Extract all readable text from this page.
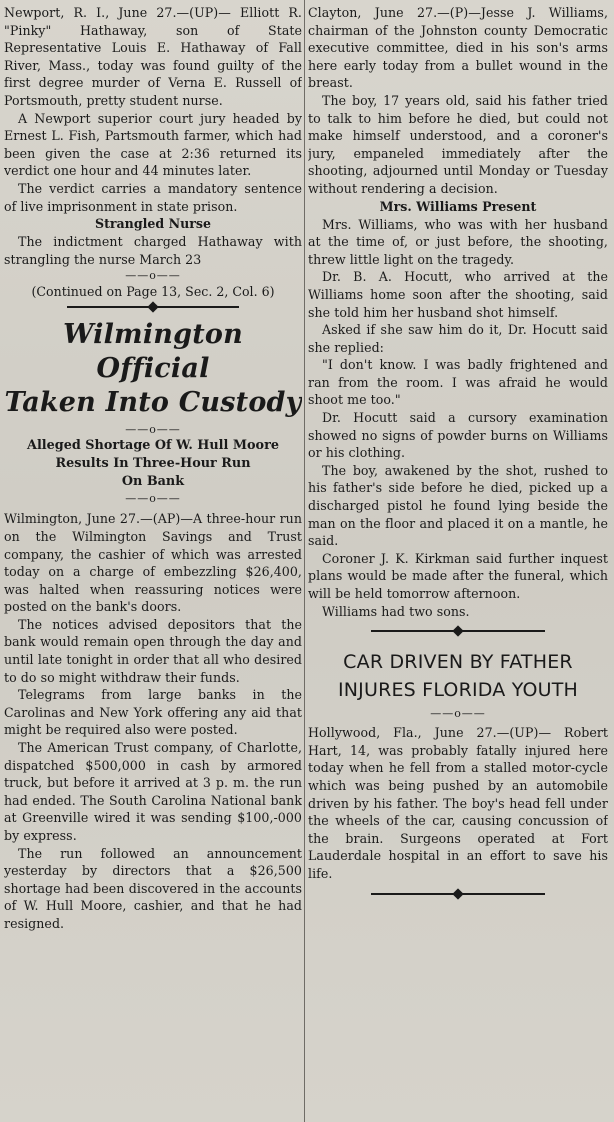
Newport, R. I., June 27.—(UP)— Elliott R. "Pinky" Hathaway, son of State Representative Louis E. Hathaway of Fall River, Mass., today was found guilty of the first degree murder of Verna E. Russell of Portsmouth, pretty student nurse.

A Newport superior court jury headed by Ernest L. Fish, Partsmouth farmer, which had been given the case at 2:36 returned its verdict one hour and 44 minutes later.

The verdict carries a mandatory sentence of live imprisonment in state prison.

Strangled Nurse

The indictment charged Hathaway with strangling the nurse March 23

——o——

(Continued on Page 13, Sec. 2, Col. 6)

Wilmington Official
Taken Into Custody

——o——

Alleged Shortage Of W. Hull Moore

Results In Three-Hour Run

On Bank

——o——

Wilmington, June 27.—(AP)—A three-hour run on the Wilmington Savings and Trust company, the cashier of which was arrested today on a charge of embezzling $26,400, was halted when reassuring notices were posted on the bank's doors.

The notices advised depositors that the bank would remain open through the day and until late tonight in order that all who desired to do so might withdraw their funds.

Telegrams from large banks in the Carolinas and New York offering any aid that might be required also were posted.

The American Trust company, of Charlotte, dispatched $500,000 in cash by armored truck, but before it arrived at 3 p. m. the run had ended. The South Carolina National bank at Greenville wired it was sending $100,-000 by express.

The run followed an announcement yesterday by directors that a $26,500 shortage had been discovered in the accounts of W. Hull Moore, cashier, and that he had resigned.

Clayton, June 27.—(P)—Jesse J. Williams, chairman of the Johnston county Democratic executive committee, died in his son's arms here early today from a bullet wound in the breast.

The boy, 17 years old, said his father tried to talk to him before he died, but could not make himself understood, and a coroner's jury, empaneled immediately after the shooting, adjourned until Monday or Tuesday without rendering a decision.

Mrs. Williams Present

Mrs. Williams, who was with her husband at the time of, or just before, the shooting, threw little light on the tragedy.

Dr. B. A. Hocutt, who arrived at the Williams home soon after the shooting, said she told him her husband shot himself.

Asked if she saw him do it, Dr. Hocutt said she replied:

"I don't know. I was badly frightened and ran from the room. I was afraid he would shoot me too."

Dr. Hocutt said a cursory examination showed no signs of powder burns on Williams or his clothing.

The boy, awakened by the shot, rushed to his father's side before he died, picked up a discharged pistol he found lying beside the man on the floor and placed it on a mantle, he said.

Coroner J. K. Kirkman said further inquest plans would be made after the funeral, which will be held tomorrow afternoon.

Williams had two sons.

CAR DRIVEN BY FATHER
INJURES FLORIDA YOUTH

——o——

Hollywood, Fla., June 27.—(UP)— Robert Hart, 14, was probably fatally injured here today when he fell from a stalled motor-cycle which was being pushed by an automobile driven by his father. The boy's head fell under the wheels of the car, causing concussion of the brain. Surgeons operated at Fort Lauderdale hospital in an effort to save his life.
